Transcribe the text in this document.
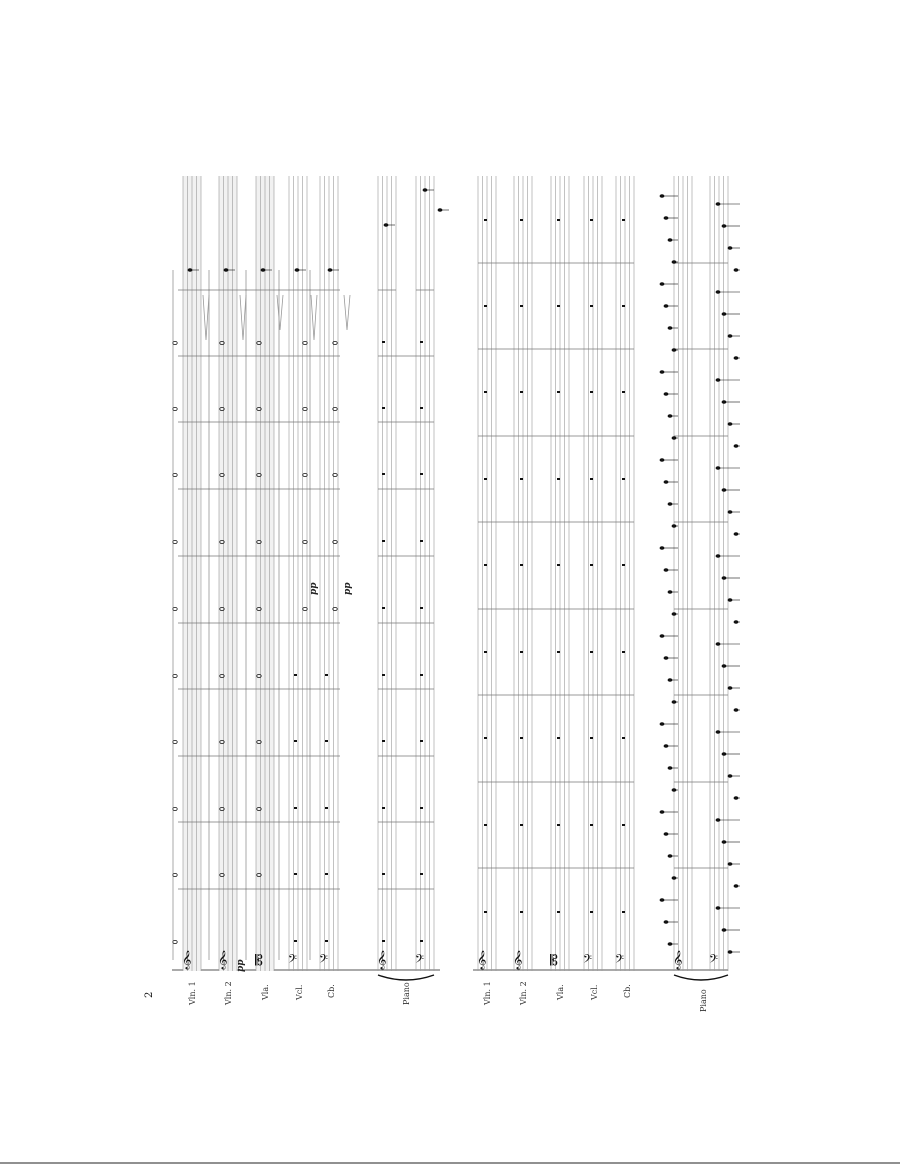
2	Vln. 1	Vln. 2	Vla.	Vcl.	Cb.	Piano
𝄞 𝄞 𝄡 𝄢 𝄢	𝄞 𝄢
pp
pp	pp
Vln. 1	Vln. 2	Vla.	Vcl.	Cb.	Piano
𝄞 𝄞 𝄡 𝄢 𝄢	𝄞 𝄢
